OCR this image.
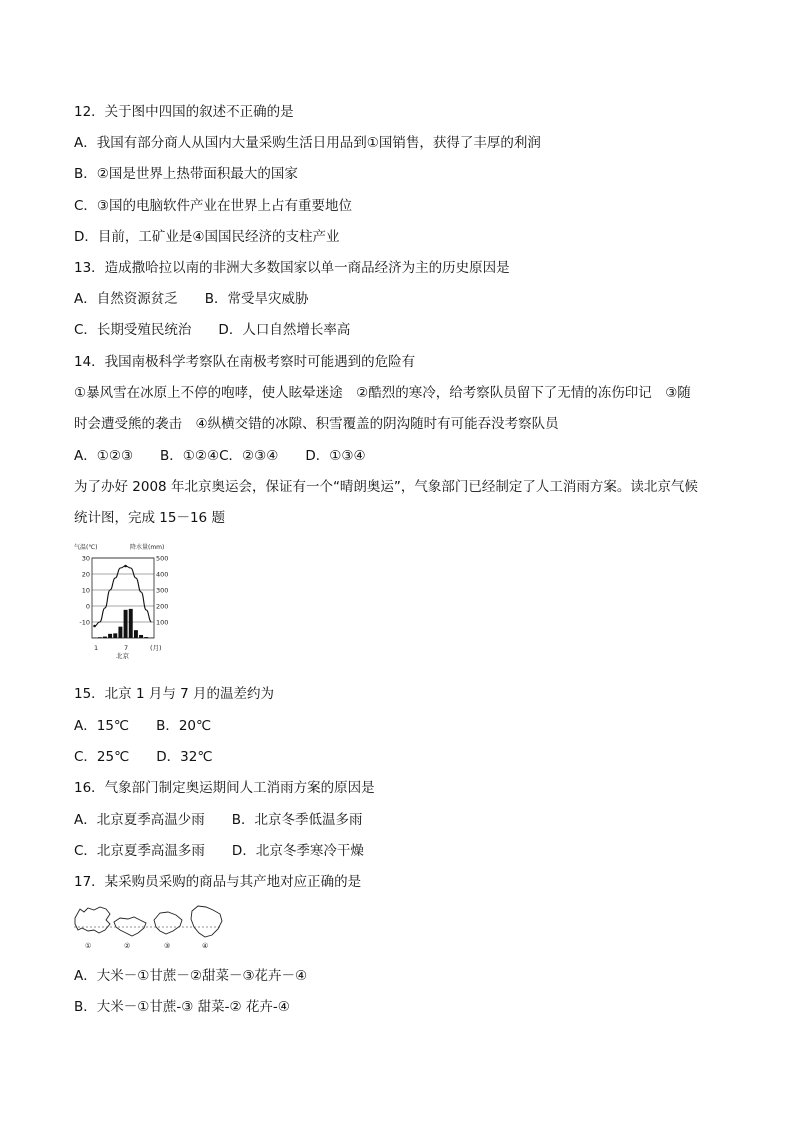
12．关于图中四国的叙述不正确的是
A．我国有部分商人从国内大量采购生活日用品到①国销售，获得了丰厚的利润
B．②国是世界上热带面积最大的国家
C．③国的电脑软件产业在世界上占有重要地位
D．目前，工矿业是④国国民经济的支柱产业
13．造成撒哈拉以南的非洲大多数国家以单一商品经济为主的历史原因是
A．自然资源贫乏　　B．常受旱灾威胁
C．长期受殖民统治　　D．人口自然增长率高
14．我国南极科学考察队在南极考察时可能遇到的危险有
①暴风雪在冰原上不停的咆哮，使人眩晕迷途　②酷烈的寒冷，给考察队员留下了无情的冻伤印记　③随
时会遭受熊的袭击　④纵横交错的冰隙、积雪覆盖的阴沟随时有可能吞没考察队员
A．①②③　　B．①②④C．②③④　　D．①③④
为了办好 2008 年北京奥运会，保证有一个“晴朗奥运”，气象部门已经制定了人工消雨方案。读北京气候
统计图，完成 15－16 题
气温(℃)	降水量(mm)
30
20
10
0
-10
500
400
300
200
100
1	7	(月)
北京
15．北京 1 月与 7 月的温差约为
A．15℃　　B．20℃
C．25℃　　D．32℃
16．气象部门制定奥运期间人工消雨方案的原因是
A．北京夏季高温少雨　　B．北京冬季低温多雨
C．北京夏季高温多雨　　D．北京冬季寒冷干燥
17．某采购员采购的商品与其产地对应正确的是
①	②	③	④
A．大米－①甘蔗－②甜菜－③花卉－④
B．大米－①甘蔗-③ 甜菜-② 花卉-④
